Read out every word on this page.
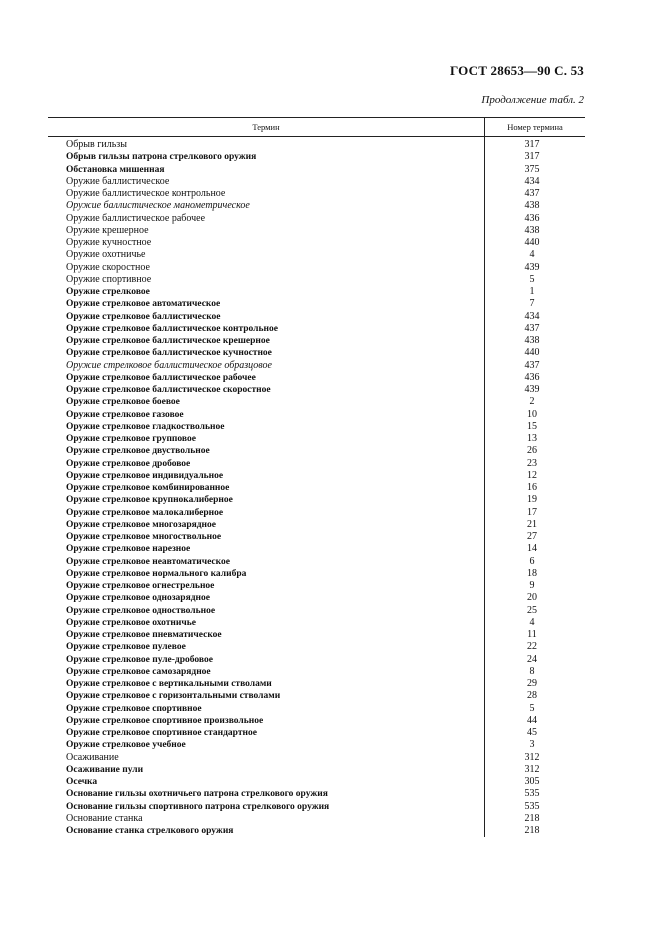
ГОСТ 28653—90 С. 53
Продолжение табл. 2
Термин	Номер термина
Обрыв гильзы	317
Обрыв гильзы патрона стрелкового оружия	317
Обстановка мишенная	375
Оружие баллистическое	434
Оружие баллистическое контрольное	437
Оружие баллистическое манометрическое	438
Оружие баллистическое рабочее	436
Оружие крешерное	438
Оружие кучностное	440
Оружие охотничье	4
Оружие скоростное	439
Оружие спортивное	5
Оружие стрелковое	1
Оружие стрелковое автоматическое	7
Оружие стрелковое баллистическое	434
Оружие стрелковое баллистическое контрольное	437
Оружие стрелковое баллистическое крешерное	438
Оружие стрелковое баллистическое кучностное	440
Оружие стрелковое баллистическое образцовое	437
Оружие стрелковое баллистическое рабочее	436
Оружие стрелковое баллистическое скоростное	439
Оружие стрелковое боевое	2
Оружие стрелковое газовое	10
Оружие стрелковое гладкоствольное	15
Оружие стрелковое групповое	13
Оружие стрелковое двуствольное	26
Оружие стрелковое дробовое	23
Оружие стрелковое индивидуальное	12
Оружие стрелковое комбинированное	16
Оружие стрелковое крупнокалиберное	19
Оружие стрелковое малокалиберное	17
Оружие стрелковое многозарядное	21
Оружие стрелковое многоствольное	27
Оружие стрелковое нарезное	14
Оружие стрелковое неавтоматическое	6
Оружие стрелковое нормального калибра	18
Оружие стрелковое огнестрельное	9
Оружие стрелковое однозарядное	20
Оружие стрелковое одноствольное	25
Оружие стрелковое охотничье	4
Оружие стрелковое пневматическое	11
Оружие стрелковое пулевое	22
Оружие стрелковое пуле-дробовое	24
Оружие стрелковое самозарядное	8
Оружие стрелковое с вертикальными стволами	29
Оружие стрелковое с горизонтальными стволами	28
Оружие стрелковое спортивное	5
Оружие стрелковое спортивное произвольное	44
Оружие стрелковое спортивное стандартное	45
Оружие стрелковое учебное	3
Осаживание	312
Осаживание пули	312
Осечка	305
Основание гильзы охотничьего патрона стрелкового оружия	535
Основание гильзы спортивного патрона стрелкового оружия	535
Основание станка	218
Основание станка стрелкового оружия	218
